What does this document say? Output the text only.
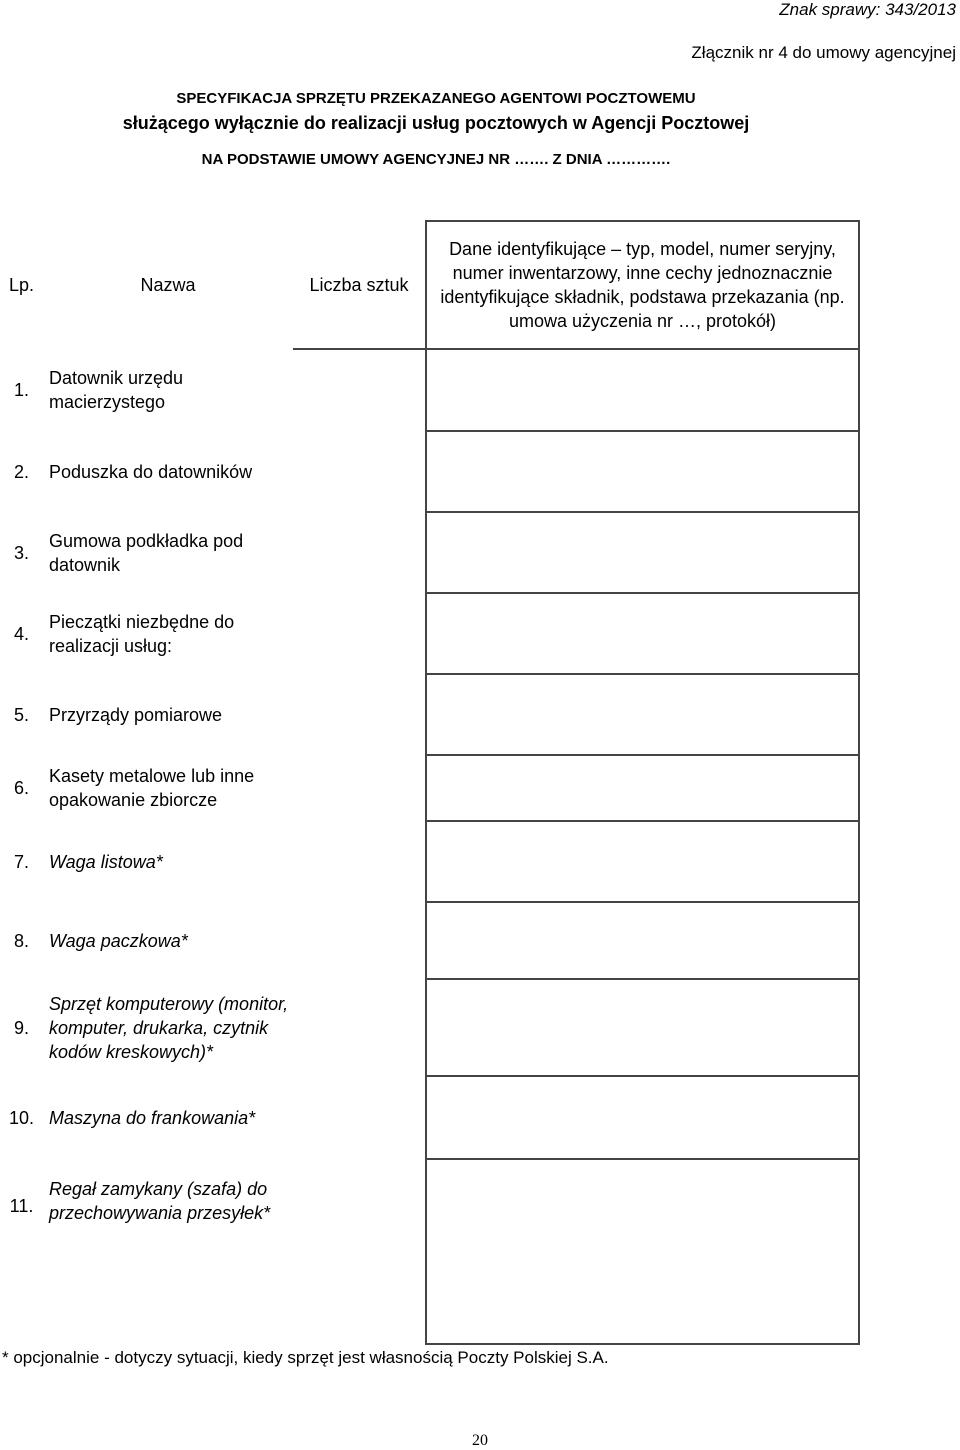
Znak sprawy: 343/2013
Złącznik nr 4 do umowy agencyjnej
SPECYFIKACJA SPRZĘTU PRZEKAZANEGO AGENTOWI POCZTOWEMU
służącego wyłącznie do realizacji usług pocztowych w Agencji Pocztowej
NA PODSTAWIE UMOWY AGENCYJNEJ NR ……. Z DNIA ………….
Lp.	Nazwa	Liczba sztuk	Dane identyfikujące – typ, model, numer seryjny, numer inwentarzowy, inne cechy jednoznacznie identyfikujące składnik, podstawa przekazania (np. umowa użyczenia nr …, protokół)
1.	Datownik urzędu macierzystego		
2.	Poduszka do datowników		
3.	Gumowa podkładka pod datownik		
4.	Pieczątki niezbędne do realizacji usług:		
5.	Przyrządy pomiarowe		
6.	Kasety metalowe lub inne opakowanie zbiorcze		
7.	Waga listowa*		
8.	Waga paczkowa*		
9.	Sprzęt komputerowy (monitor, komputer, drukarka, czytnik kodów kreskowych)*		
10.	Maszyna do frankowania*		
11.	Regał zamykany (szafa) do przechowywania przesyłek*		
* opcjonalnie - dotyczy sytuacji, kiedy sprzęt jest własnością Poczty Polskiej S.A.
20
